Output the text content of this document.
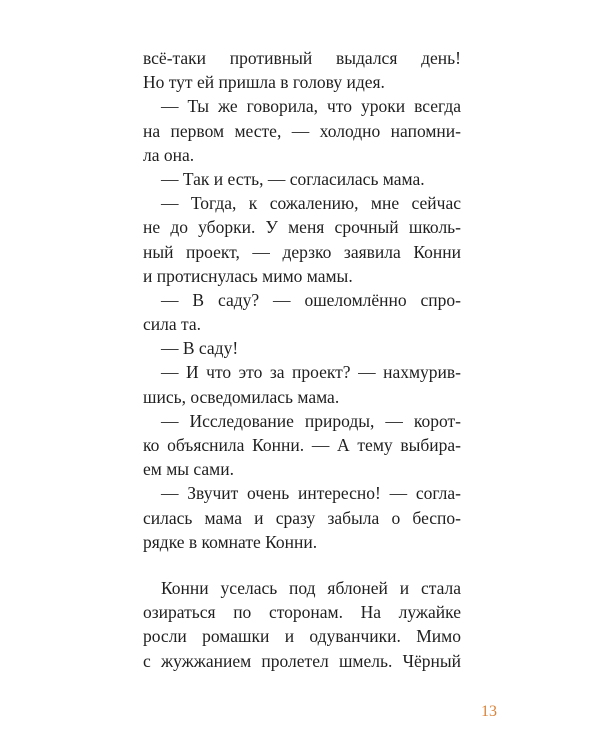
всё-таки противный выдался день!
Но тут ей пришла в голову идея.
— Ты же говорила, что уроки всегда
на первом месте, — холодно напомни-
ла она.
— Так и есть, — согласилась мама.
— Тогда, к сожалению, мне сейчас
не до уборки. У меня срочный школь-
ный проект, — дерзко заявила Конни
и протиснулась мимо мамы.
— В саду? — ошеломлённо спро-
сила та.
— В саду!
— И что это за проект? — нахмурив-
шись, осведомилась мама.
— Исследование природы, — корот-
ко объяснила Конни. — А тему выбира-
ем мы сами.
— Звучит очень интересно! — согла-
силась мама и сразу забыла о беспо-
рядке в комнате Конни.
Конни уселась под яблоней и стала
озираться по сторонам. На лужайке
росли ромашки и одуванчики. Мимо
с жужжанием пролетел шмель. Чёрный
13
